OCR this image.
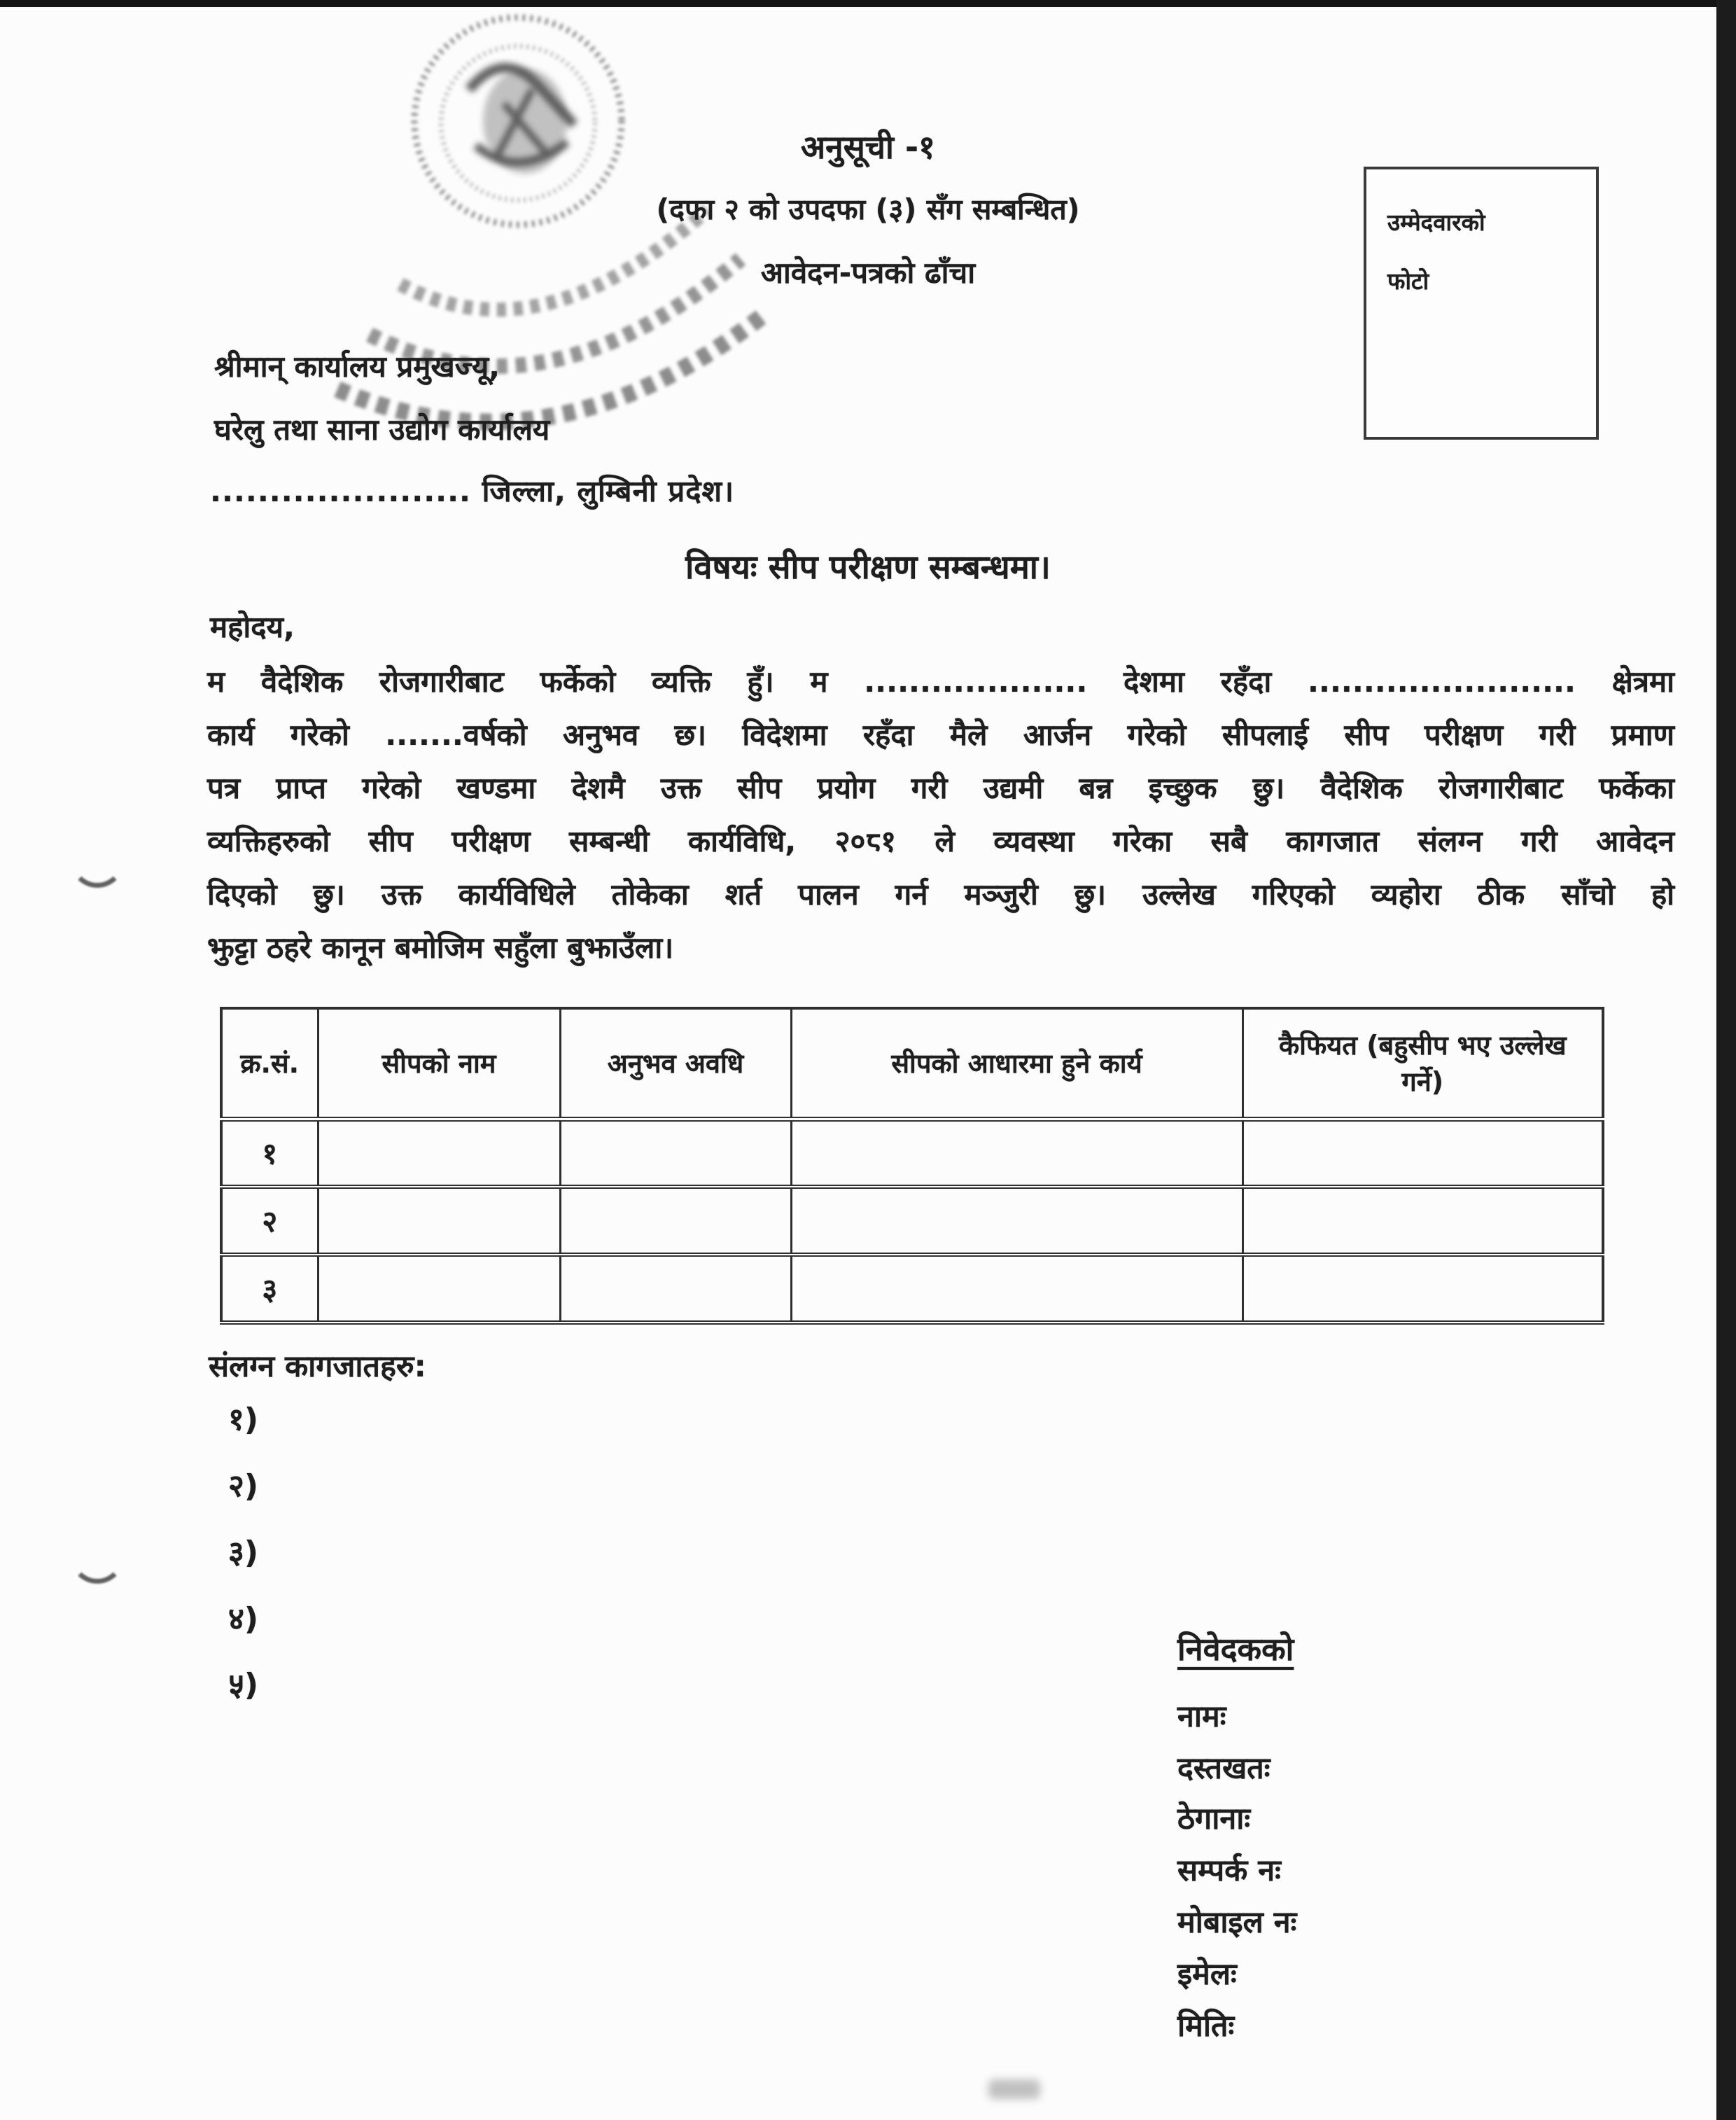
अनुसूची -१
(दफा २ को उपदफा (३) सँग सम्बन्धित)
आवेदन-पत्रको ढाँचा
उम्मेदवारको
फोटो
श्रीमान् कार्यालय प्रमुखज्यू,
घरेलु तथा साना उद्योग कार्यालय
...................... जिल्ला, लुम्बिनी प्रदेश।
विषयः सीप परीक्षण सम्बन्धमा।
महोदय,
म वैदेशिक रोजगारीबाट फर्केको व्यक्ति हुँ। म .................... देशमा रहँदा ........................ क्षेत्रमा
कार्य गरेको .......वर्षको अनुभव छ। विदेशमा रहँदा मैले आर्जन गरेको सीपलाई सीप परीक्षण गरी प्रमाण
पत्र प्राप्त गरेको खण्डमा देशमै उक्त सीप प्रयोग गरी उद्यमी बन्न इच्छुक छु। वैदेशिक रोजगारीबाट फर्केका
व्यक्तिहरुको सीप परीक्षण सम्बन्धी कार्यविधि, २०८१ ले व्यवस्था गरेका सबै कागजात संलग्न गरी आवेदन
दिएको छु। उक्त कार्यविधिले तोकेका शर्त पालन गर्न मञ्जुरी छु। उल्लेख गरिएको व्यहोरा ठीक साँचो हो
झुट्टा ठहरे कानून बमोजिम सहुँला बुझाउँला।
क्र.सं.	सीपको नाम	अनुभव अवधि	सीपको आधारमा हुने कार्य	कैफियत (बहुसीप भए उल्लेख गर्ने)
१				
२				
३				
संलग्न कागजातहरु:
१)
२)
३)
४)
५)
निवेदकको
नामः
दस्तखतः
ठेगानाः
सम्पर्क नः
मोबाइल नः
इमेलः
मितिः
